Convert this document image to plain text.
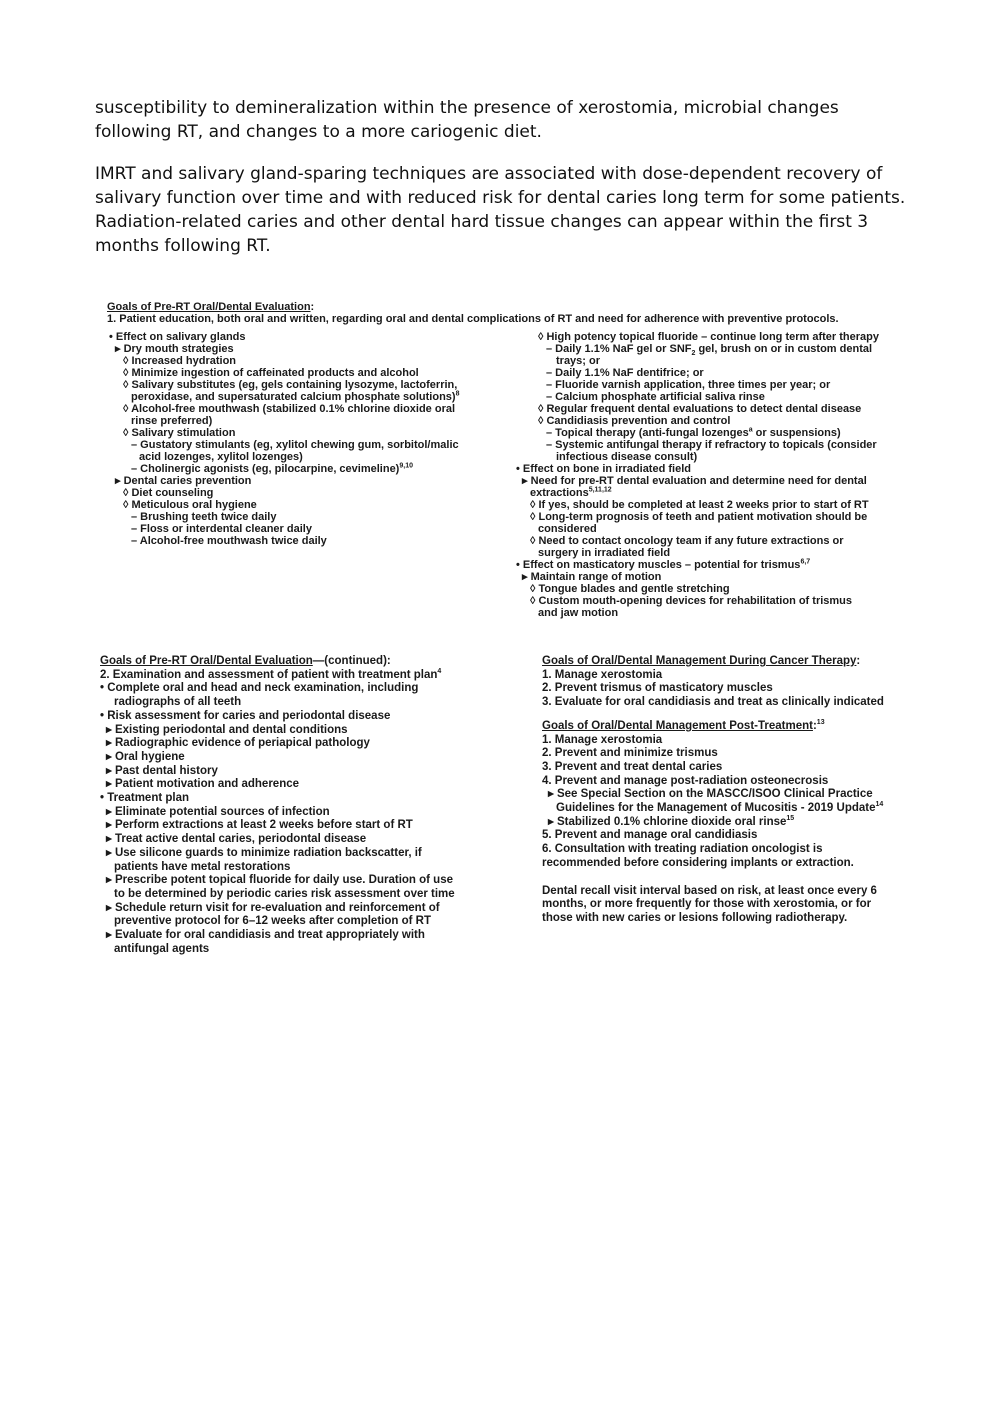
susceptibility to demineralization within the presence of xerostomia, microbial changes following RT, and changes to a more cariogenic diet.

IMRT and salivary gland-sparing techniques are associated with dose-dependent recovery of salivary function over time and with reduced risk for dental caries long term for some patients. Radiation-related caries and other dental hard tissue changes can appear within the first 3 months following RT.

Goals of Pre-RT Oral/Dental Evaluation:
1. Patient education, both oral and written, regarding oral and dental complications of RT and need for adherence with preventive protocols.
• Effect on salivary glands
▸ Dry mouth strategies
◊ Increased hydration
◊ Minimize ingestion of caffeinated products and alcohol
◊ Salivary substitutes (eg, gels containing lysozyme, lactoferrin,
peroxidase, and supersaturated calcium phosphate solutions)$^8$
◊ Alcohol-free mouthwash (stabilized 0.1% chlorine dioxide oral
rinse preferred)
◊ Salivary stimulation
– Gustatory stimulants (eg, xylitol chewing gum, sorbitol/malic
acid lozenges, xylitol lozenges)
– Cholinergic agonists (eg, pilocarpine, cevimeline)$^{9,10}$
▸ Dental caries prevention
◊ Diet counseling
◊ Meticulous oral hygiene
– Brushing teeth twice daily
– Floss or interdental cleaner daily
– Alcohol-free mouthwash twice daily
◊ High potency topical fluoride – continue long term after therapy
– Daily 1.1% NaF gel or $SNF_2$ gel, brush on or in custom dental
trays; or
– Daily 1.1% NaF dentifrice; or
– Fluoride varnish application, three times per year; or
– Calcium phosphate artificial saliva rinse
◊ Regular frequent dental evaluations to detect dental disease
◊ Candidiasis prevention and control
– Topical therapy (anti-fungal lozenges$^a$ or suspensions)
– Systemic antifungal therapy if refractory to topicals (consider
infectious disease consult)
• Effect on bone in irradiated field
▸ Need for pre-RT dental evaluation and determine need for dental
extractions$^{5,11,12}$
◊ If yes, should be completed at least 2 weeks prior to start of RT
◊ Long-term prognosis of teeth and patient motivation should be
considered
◊ Need to contact oncology team if any future extractions or
surgery in irradiated field
• Effect on masticatory muscles – potential for trismus$^{6,7}$
▸ Maintain range of motion
◊ Tongue blades and gentle stretching
◊ Custom mouth-opening devices for rehabilitation of trismus
and jaw motion
Goals of Pre-RT Oral/Dental Evaluation—(continued):
2. Examination and assessment of patient with treatment plan$^4$
• Complete oral and head and neck examination, including
radiographs of all teeth
• Risk assessment for caries and periodontal disease
▸ Existing periodontal and dental conditions
▸ Radiographic evidence of periapical pathology
▸ Oral hygiene
▸ Past dental history
▸ Patient motivation and adherence
• Treatment plan
▸ Eliminate potential sources of infection
▸ Perform extractions at least 2 weeks before start of RT
▸ Treat active dental caries, periodontal disease
▸ Use silicone guards to minimize radiation backscatter, if
patients have metal restorations
▸ Prescribe potent topical fluoride for daily use. Duration of use
to be determined by periodic caries risk assessment over time
▸ Schedule return visit for re-evaluation and reinforcement of
preventive protocol for 6–12 weeks after completion of RT
▸ Evaluate for oral candidiasis and treat appropriately with
antifungal agents
Goals of Oral/Dental Management During Cancer Therapy:
1. Manage xerostomia
2. Prevent trismus of masticatory muscles
3. Evaluate for oral candidiasis and treat as clinically indicated
Goals of Oral/Dental Management Post-Treatment:$^{13}$
1. Manage xerostomia
2. Prevent and minimize trismus
3. Prevent and treat dental caries
4. Prevent and manage post-radiation osteonecrosis
▸ See Special Section on the MASCC/ISOO Clinical Practice
Guidelines for the Management of Mucositis - 2019 Update$^{14}$
▸ Stabilized 0.1% chlorine dioxide oral rinse$^{15}$
5. Prevent and manage oral candidiasis
6. Consultation with treating radiation oncologist is
recommended before considering implants or extraction.
Dental recall visit interval based on risk, at least once every 6
months, or more frequently for those with xerostomia, or for
those with new caries or lesions following radiotherapy.
